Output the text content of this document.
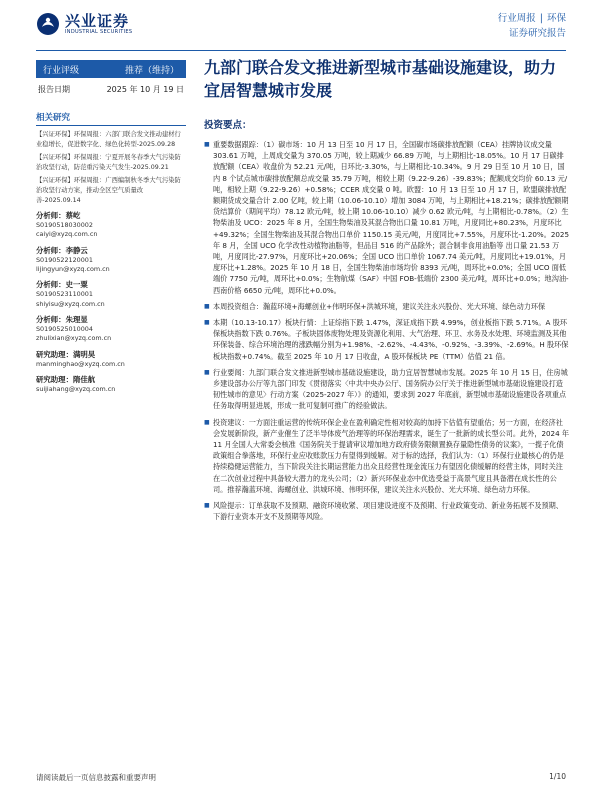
兴业证券
INDUSTRIAL SECURITIES
行业周报 | 环保
证券研究报告
行业评级	推荐（维持）
报告日期	2025 年 10 月 19 日
相关研究
【兴证环保】环保周报：六部门联合发文推动建材行业稳增长，促进数字化、绿色化转型-2025.09.28
【兴证环保】环保周报：宁夏开展冬春季大气污染防治攻坚行动，防范重污染天气发生-2025.09.21
【兴证环保】环保周报：广西编制秋冬季大气污染防治攻坚行动方案，推动全区空气质量改善-2025.09.14
分析师：蔡屹
S0190518030002
caiyi@xyzq.com.cn
分析师：李静云
S0190522120001
lijingyun@xyzq.com.cn
分析师：史一粟
S0190523110001
shiyisu@xyzq.com.cn
分析师：朱理显
S0190525010004
zhulixian@xyzq.com.cn
研究助理：满明昊
manminghao@xyzq.com.cn
研究助理：隋佳航
suijiahang@xyzq.com.cn
九部门联合发文推进新型城市基础设施建设，助力宜居智慧城市发展
投资要点：
■ 重要数据跟踪：（1）碳市场：10 月 13 日至 10 月 17 日，全国碳市场碳排放配额（CEA）挂牌协议成交量 303.61 万吨，上周成交量为 370.05 万吨，较上期减少 66.89 万吨，与上期相比-18.05%。10 月 17 日碳排放配额（CEA）收盘价为 52.21 元/吨，日环比-3.30%，与上期相比-10.34%。9 月 29 日至 10 月 10 日，国内 8 个试点城市碳排放配额总成交量 35.79 万吨，相较上期（9.22-9.26）-39.83%；配额成交均价 60.13 元/吨，相较上期（9.22-9.26）+0.58%；CCER 成交量 0 吨。欧盟：10 月 13 日至 10 月 17 日，欧盟碳排放配额期货成交量合计 2.00 亿吨，较上期（10.06-10.10）增加 3084 万吨，与上期相比+18.21%；碳排放配额期货结算价（期间平均）78.12 欧元/吨，较上期 10.06-10.10）减少 0.62 欧元/吨，与上期相比-0.78%。（2）生物柴油及 UCO：2025 年 8 月，全国生物柴油及其混合物出口量 10.81 万吨，月度同比+80.23%，月度环比+49.32%；全国生物柴油及其混合物出口单价 1150.15 美元/吨，月度同比+7.55%，月度环比-1.20%。2025 年 8 月，全国 UCO 化学改性动植物油脂等，但品目 516 的产品除外；混合制非食用油脂等 出口量 21.53 万吨，月度同比-27.97%，月度环比+20.06%；全国 UCO 出口单价 1067.74 美元/吨，月度同比+19.01%，月度环比+1.28%。2025 年 10 月 18 日，全国生物柴油市场均价 8393 元/吨，周环比+0.0%；全国 UCO 面低端价 7750 元/吨，周环比+0.0%；生物航煤（SAF）中国 FOB-低端价 2300 美元/吨，周环比+0.0%；地沟油-西南价格 6650 元/吨，周环比+0.0%。
■ 本周投资组合：瀚蓝环境+海螺创业+伟明环保+洪城环境，建议关注永兴股份、光大环境、绿色动力环保
■ 本期（10.13-10.17）板块行情：上证综指下跌 1.47%，深证成指下跌 4.99%，创业板指下跌 5.71%。A 股环保板块指数下跌 0.76%。子板块固体废物处理及资源化利用、大气治理、环卫、水务及水处理、环境监测及其他环保装备、综合环境治理的涨跌幅分别为+1.98%、-2.62%、-4.43%、-0.92%、-3.39%、-2.69%。H 股环保板块指数+0.74%。截至 2025 年 10 月 17 日收盘，A 股环保板块 PE（TTM）估值 21 倍。
■ 行业要闻：九部门联合发文推进新型城市基础设施建设，助力宜居智慧城市发展。2025 年 10 月 15 日，住房城乡建设部办公厅等九部门印发《贯彻落实〈中共中央办公厅、国务院办公厅关于推进新型城市基础设施建设打造韧性城市的意见〉行动方案（2025-2027 年）》的通知，要求到 2027 年底前，新型城市基础设施建设各项重点任务取得明显进展，形成一批可复制可推广的经验做法。
■ 投资建议：一方面注重运营的传统环保企业在盈利确定性相对较高的加持下估值有望重估；另一方面，在经济社会发展新阶段，新产业催生了泛半导体废气治理等的环保治理需求，诞生了一批新的成长型公司。此外，2024 年 11 月全国人大常委会核准《国务院关于提请审议增加地方政府债务限额置换存量隐性债务的议案》，一揽子化债政策组合拳落地，环保行业应收账款压力有望得到缓解。对于标的选择，我们认为：（1）环保行业最核心的仍是持续稳健运营能力，当下阶段关注长期运营能力出众且经营性现金流压力有望因化债缓解的经营主体，同时关注在二次创业过程中具备较大潜力的龙头公司；（2）新兴环保业态中优选受益于高景气度且具备潜在成长性的公司。推荐瀚蓝环境、海螺创业、洪城环境、伟明环保，建议关注永兴股份、光大环境、绿色动力环保。
■ 风险提示：订单获取不及预期、融资环境收紧、项目建设进度不及预期、行业政策变动、新业务拓展不及预期、下游行业资本开支不及预期等风险。
请阅读最后一页信息披露和重要声明	1/10
